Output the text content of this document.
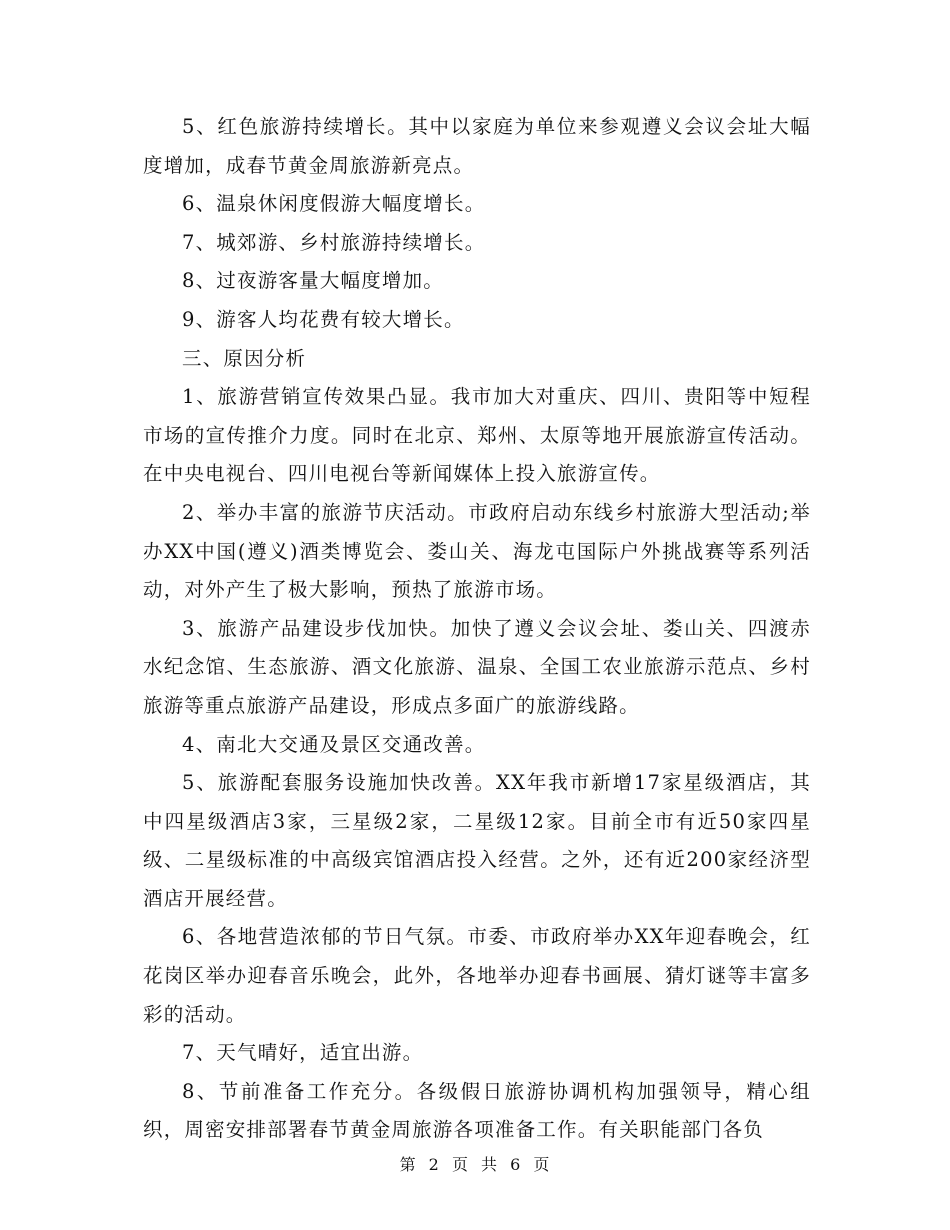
5、红色旅游持续增长。其中以家庭为单位来参观遵义会议会址大幅度增加，成春节黄金周旅游新亮点。

6、温泉休闲度假游大幅度增长。

7、城郊游、乡村旅游持续增长。

8、过夜游客量大幅度增加。

9、游客人均花费有较大增长。

三、原因分析

1、旅游营销宣传效果凸显。我市加大对重庆、四川、贵阳等中短程市场的宣传推介力度。同时在北京、郑州、太原等地开展旅游宣传活动。在中央电视台、四川电视台等新闻媒体上投入旅游宣传。

2、举办丰富的旅游节庆活动。市政府启动东线乡村旅游大型活动;举办XX中国(遵义)酒类博览会、娄山关、海龙屯国际户外挑战赛等系列活动，对外产生了极大影响，预热了旅游市场。

3、旅游产品建设步伐加快。加快了遵义会议会址、娄山关、四渡赤水纪念馆、生态旅游、酒文化旅游、温泉、全国工农业旅游示范点、乡村旅游等重点旅游产品建设，形成点多面广的旅游线路。

4、南北大交通及景区交通改善。

5、旅游配套服务设施加快改善。XX年我市新增17家星级酒店，其中四星级酒店3家，三星级2家，二星级12家。目前全市有近50家四星级、二星级标准的中高级宾馆酒店投入经营。之外，还有近200家经济型酒店开展经营。

6、各地营造浓郁的节日气氛。市委、市政府举办XX年迎春晚会，红花岗区举办迎春音乐晚会，此外，各地举办迎春书画展、猜灯谜等丰富多彩的活动。

7、天气晴好，适宜出游。

8、节前准备工作充分。各级假日旅游协调机构加强领导，精心组织，周密安排部署春节黄金周旅游各项准备工作。有关职能部门各负

第 2 页 共 6 页
